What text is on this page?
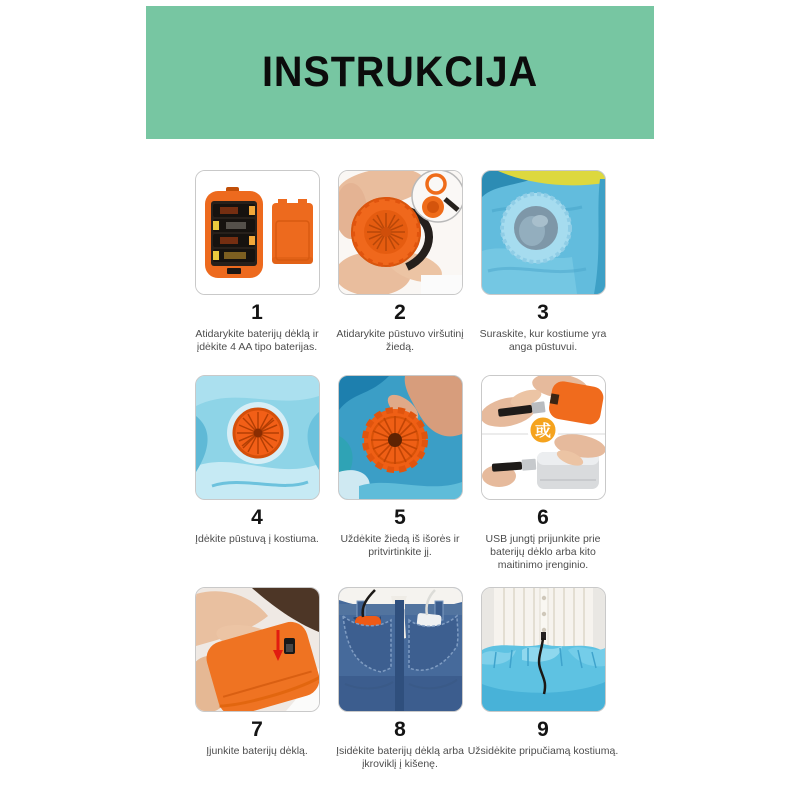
INSTRUKCIJA
1
Atidarykite baterijų dėklą ir įdėkite 4 AA tipo baterijas.
2
Atidarykite pūstuvo viršutinį žiedą.
3
Suraskite, kur kostiume yra anga pūstuvui.
4
Įdėkite pūstuvą į kostiuma.
5
Uždėkite žiedą iš išorės ir pritvirtinkite jį.
或
6
USB jungtį prijunkite prie baterijų dėklo arba kito maitinimo įrenginio.
7
Įjunkite baterijų dėklą.
8
Įsidėkite baterijų dėklą arba įkroviklį į kišenę.
9
Užsidėkite pripučiamą kostiumą.
